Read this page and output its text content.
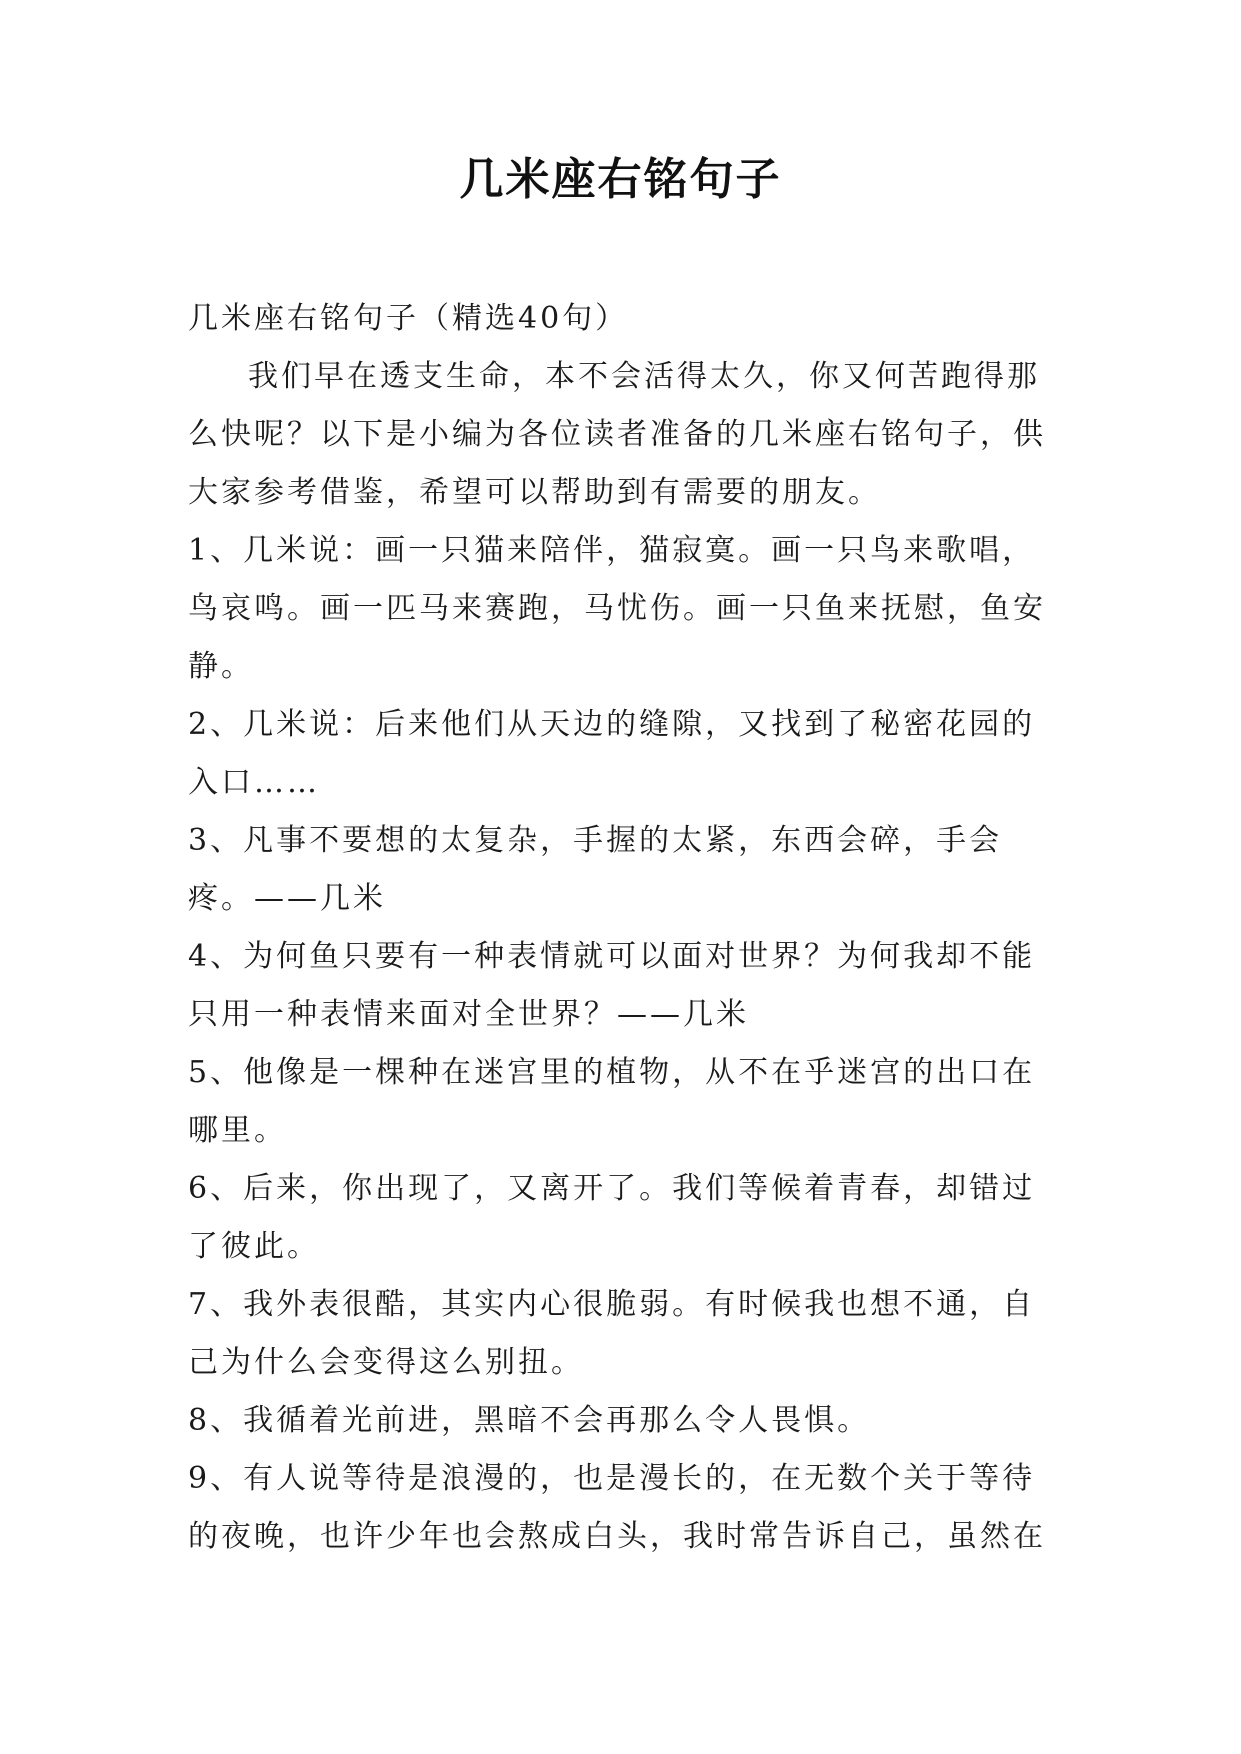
几米座右铭句子

几米座右铭句子（精选40句）

我们早在透支生命，本不会活得太久，你又何苦跑得那么快呢？以下是小编为各位读者准备的几米座右铭句子，供大家参考借鉴，希望可以帮助到有需要的朋友。

1、几米说：画一只猫来陪伴，猫寂寞。画一只鸟来歌唱，鸟哀鸣。画一匹马来赛跑，马忧伤。画一只鱼来抚慰，鱼安静。

2、几米说：后来他们从天边的缝隙，又找到了秘密花园的入口……

3、凡事不要想的太复杂，手握的太紧，东西会碎，手会疼。——几米

4、为何鱼只要有一种表情就可以面对世界？为何我却不能只用一种表情来面对全世界？——几米

5、他像是一棵种在迷宫里的植物，从不在乎迷宫的出口在哪里。

6、后来，你出现了，又离开了。我们等候着青春，却错过了彼此。

7、我外表很酷，其实内心很脆弱。有时候我也想不通，自己为什么会变得这么别扭。

8、我循着光前进，黑暗不会再那么令人畏惧。

9、有人说等待是浪漫的，也是漫长的，在无数个关于等待的夜晚，也许少年也会熬成白头，我时常告诉自己，虽然在
